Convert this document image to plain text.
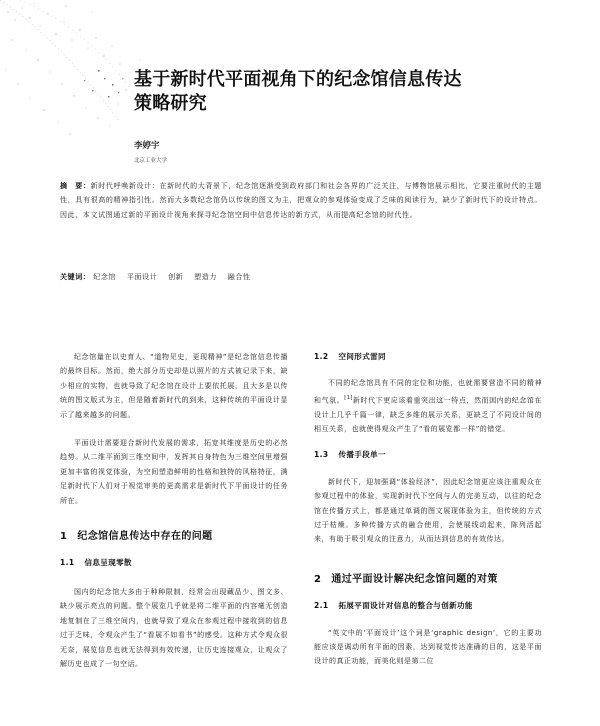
基于新时代平面视角下的纪念馆信息传达
策略研究
李婷宇
北京工业大学
摘　要：新时代呼唤新设计：在新时代的大背景下，纪念馆逐渐受到政府部门和社会各界的广泛关注，与博物馆展示相比，它要注重时代的主题性，具有很高的精神指引性。然而大多数纪念馆仍以传统的图文为主，把观众的参观体验变成了乏味的阅读行为，缺少了新时代下的设计特点。因此，本文试图通过新的平面设计视角来探寻纪念馆空间中信息传达的新方式，从而提高纪念馆的时代性。
关键词： 纪念馆 平面设计 创新 塑造力 融合性

纪念馆量在以史育人、“道物见史，更现精神”是纪念馆信息传播的最终目标。然而，绝大部分历史却是以照片的方式被记录下来，缺少相应的实物，也就导致了纪念馆在设计上要依托展，且大多是以传统的图文版式为主，但是随着新时代的到来，这种传统的平面设计显示了越来越多的问题。

平面设计需要迎合新时代发展的需求，拓宽其维度是历史的必然趋势。从二维平面到三维空间中，发挥其自身特色为三维空间里增强更加丰富的视觉体验，为空间塑造鲜明的性格和独特的风格特征，满足新时代下人们对于视觉审美的更高需求是新时代下平面设计的任务所在。

1 纪念馆信息传达中存在的问题
1.1 信息呈现零散

国内的纪念馆大多由于种种限制，经常会出现藏品少、图文多、缺少展示亮点的问题。整个展览几乎就是将二维平面的内容毫无创造地复制在了三维空间内，也就导致了观众在参观过程中接收到的信息过于乏味，令观众产生了“看展不如看书”的感受。这种方式令观众很无奈，展览信息也就无法得到有效传递，让历史连接观众，让观众了解历史也成了一句空话。

1.2 空间形式雷同

不同的纪念馆具有不同的定位和功能，也就需要营造不同的精神和气氛。[1]新时代下更应该着重突出这一特点，然而国内的纪念馆在设计上几乎千篇一律，缺乏多维的展示关系，更缺乏了不同设计间的相互关系，也就使得观众产生了“看的展览都一样”的错觉。

1.3 传播手段单一

新时代下，迎加强调“体验经济”，因此纪念馆更应该注重观众在参观过程中的体验，实现新时代下空间与人的完美互动，以往的纪念馆在传播方式上，都是通过单调的图文展现体验为主，但传统的方式过于枯燥。多种传播方式的融合使用，会使展线动起来，陈列活起来，有助于吸引观众的注意力，从而达到信息的有效传达。

2 通过平面设计解决纪念馆问题的对策
2.1 拓展平面设计对信息的整合与创新功能

“英文中的‘平面设计’这个词是‘graphic design’，它的主要功能应该是调动所有平面的因素，达到视觉传达准确的目的，这是平面设计的真正功能，而美化则是第二位
